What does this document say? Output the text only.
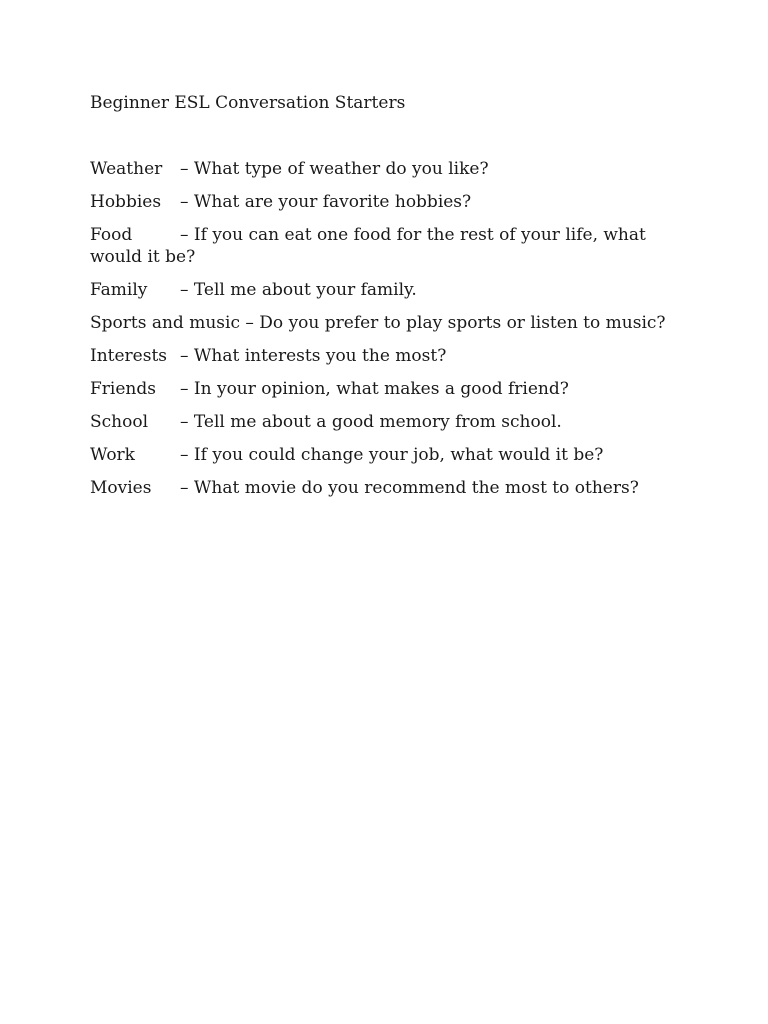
Beginner ESL Conversation Starters
Weather – What type of weather do you like?
Hobbies – What are your favorite hobbies?
Food	– If you can eat one food for the rest of your life, what would it be?
Family – Tell me about your family.
Sports and music – Do you prefer to play sports or listen to music?
Interests – What interests you the most?
Friends – In your opinion, what makes a good friend?
School – Tell me about a good memory from school.
Work	– If you could change your job, what would it be?
Movies – What movie do you recommend the most to others?
